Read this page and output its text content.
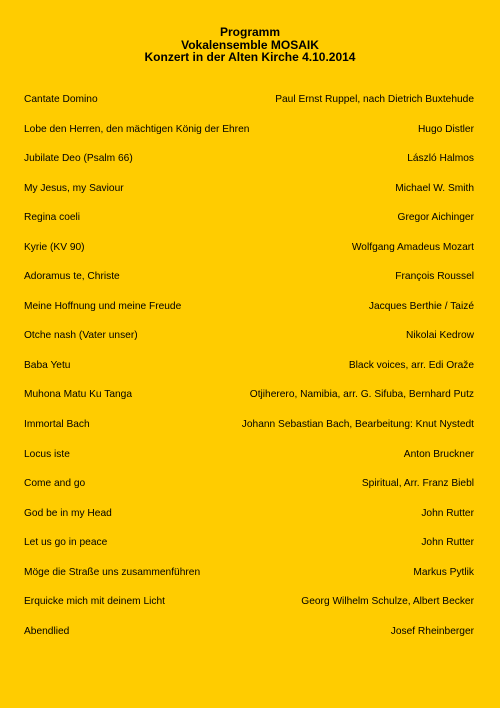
Programm
Vokalensemble MOSAIK
Konzert in der Alten Kirche 4.10.2014
Cantate Domino	Paul Ernst Ruppel, nach Dietrich Buxtehude
Lobe den Herren, den mächtigen König der Ehren	Hugo Distler
Jubilate Deo (Psalm 66)	László Halmos
My Jesus, my Saviour	Michael W. Smith
Regina coeli	Gregor Aichinger
Kyrie (KV 90)	Wolfgang Amadeus Mozart
Adoramus te, Christe	François Roussel
Meine Hoffnung und meine Freude	Jacques Berthie / Taizé
Otche nash (Vater unser)	Nikolai Kedrow
Baba Yetu	Black voices, arr. Edi Oraže
Muhona Matu Ku Tanga	Otjiherero, Namibia, arr. G. Sifuba, Bernhard Putz
Immortal Bach	Johann Sebastian Bach, Bearbeitung: Knut Nystedt
Locus iste	Anton Bruckner
Come and go	Spiritual, Arr. Franz Biebl
God be in my Head	John Rutter
Let us go in peace	John Rutter
Möge die Straße uns zusammenführen	Markus Pytlik
Erquicke mich mit deinem Licht	Georg Wilhelm Schulze, Albert Becker
Abendlied	Josef Rheinberger
